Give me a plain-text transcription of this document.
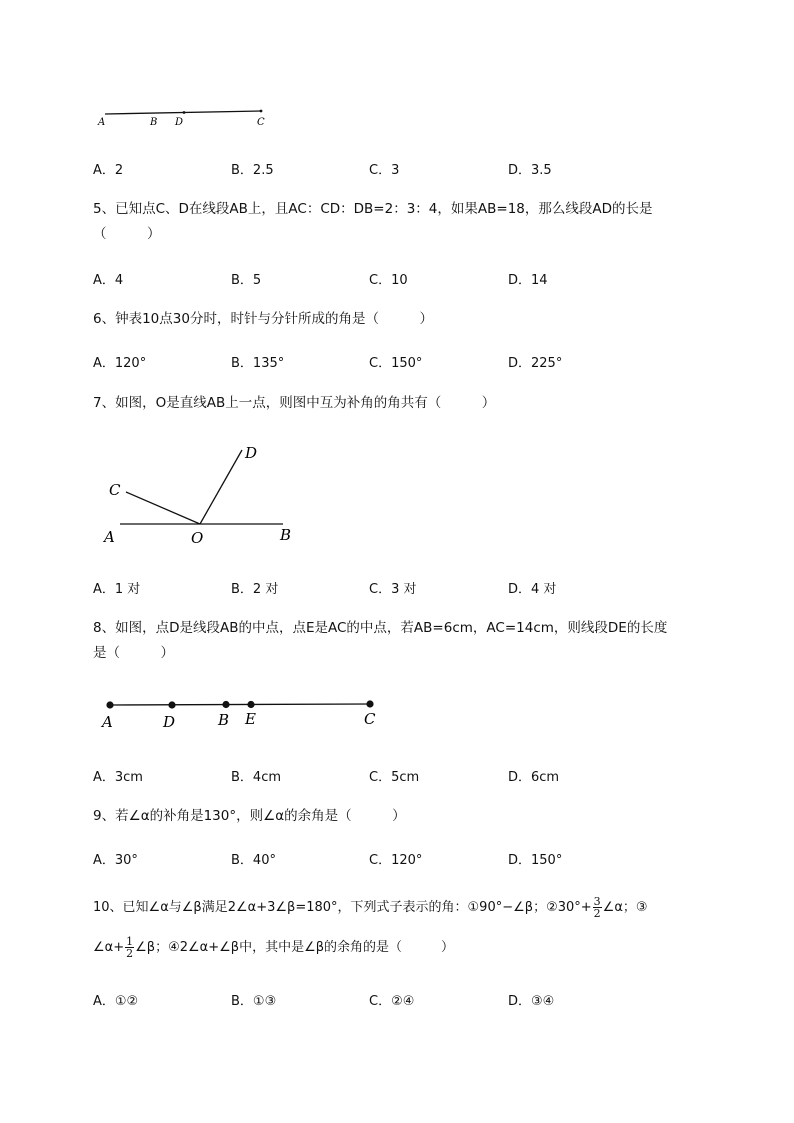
A	B D	C
A．2	B．2.5	C．3	D．3.5
5、已知点C、D在线段AB上，且AC：CD：DB=2：3：4，如果AB=18，那么线段AD的长是
（　　　）
A．4	B．5	C．10	D．14
6、钟表10点30分时，时针与分针所成的角是（　　　）
A．120°	B．135°	C．150°	D．225°
7、如图，O是直线AB上一点，则图中互为补角的角共有（　　　）
D
C
A	O	B
A．1 对	B．2 对	C．3 对	D．4 对
8、如图，点D是线段AB的中点，点E是AC的中点，若AB=6cm，AC=14cm，则线段DE的长度
是（　　　）
A	D	B E	C
A．3cm	B．4cm	C．5cm	D．6cm
9、若∠α的补角是130°，则∠α的余角是（　　　）
A．30°	B．40°	C．120°	D．150°
10、已知∠α与∠β满足2∠α+3∠β=180°，下列式子表示的角：①90°−∠β；②30°+ $\frac{3}{2}$ ∠α；③
∠α+ $\frac{1}{2}$ ∠β；④2∠α+∠β中，其中是∠β的余角的是（　　　）
A．①②	B．①③	C．②④	D．③④
